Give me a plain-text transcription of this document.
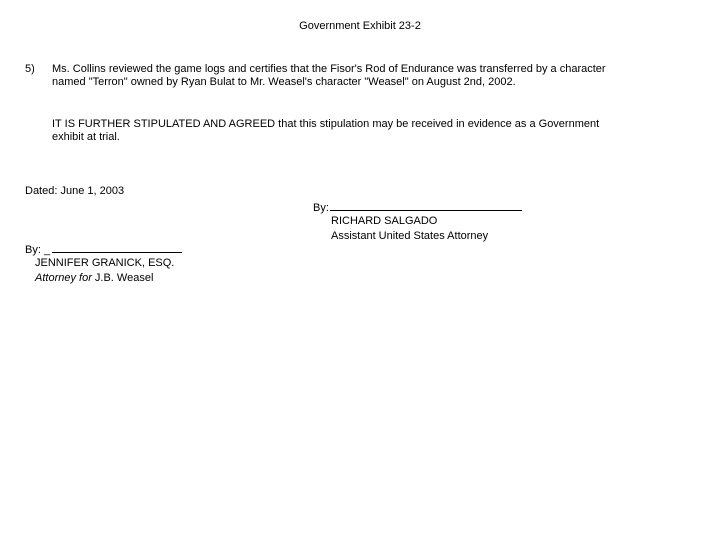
Government Exhibit 23-2
5) Ms. Collins reviewed the game logs and certifies that the Fisor's Rod of Endurance was transferred by a character
named "Terron" owned by Ryan Bulat to Mr. Weasel's character "Weasel" on August 2nd, 2002.
IT IS FURTHER STIPULATED AND AGREED that this stipulation may be received in evidence as a Government
exhibit at trial.
Dated: June 1, 2003
By:
RICHARD SALGADO
Assistant United States Attorney
By: _
JENNIFER GRANICK, ESQ.
Attorney for J.B. Weasel
